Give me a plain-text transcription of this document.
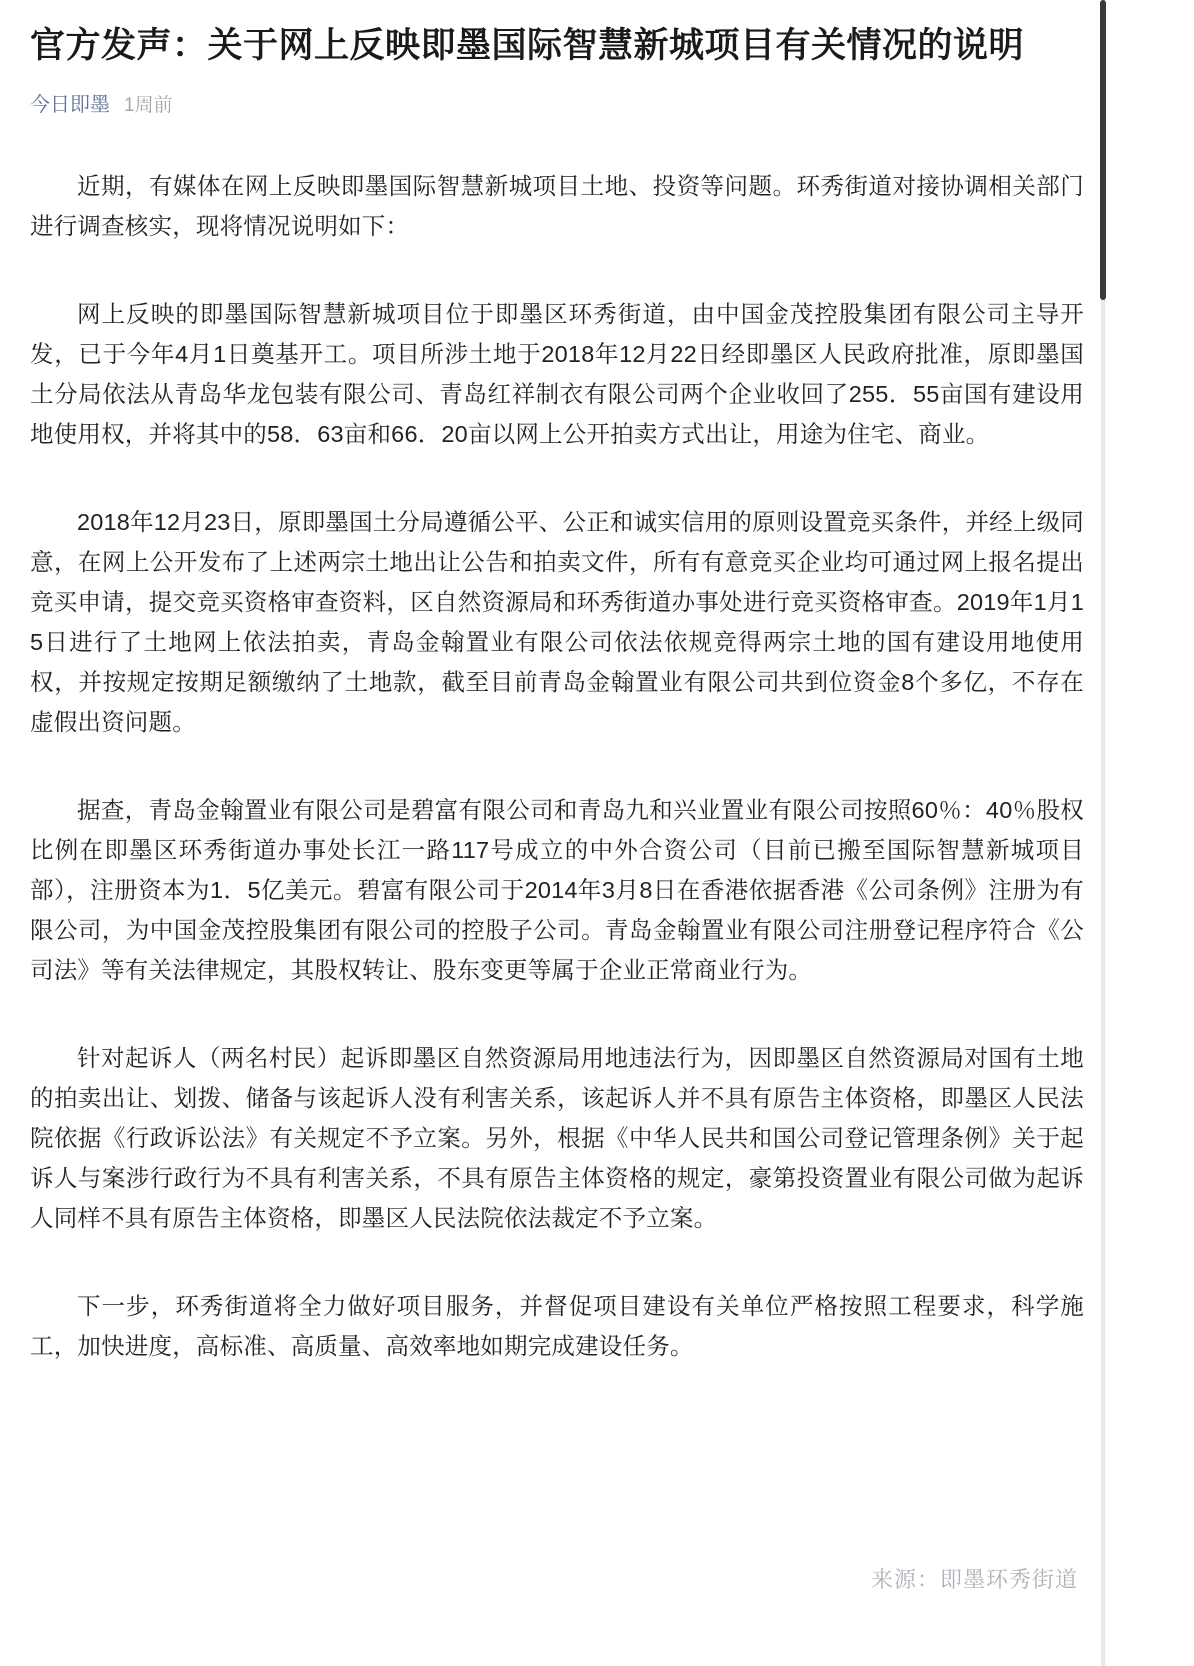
官方发声：关于网上反映即墨国际智慧新城项目有关情况的说明
今日即墨 1周前

近期，有媒体在网上反映即墨国际智慧新城项目土地、投资等问题。环秀街道对接协调相关部门进行调查核实，现将情况说明如下：

网上反映的即墨国际智慧新城项目位于即墨区环秀街道，由中国金茂控股集团有限公司主导开发，已于今年4月1日奠基开工。项目所涉土地于2018年12月22日经即墨区人民政府批准，原即墨国土分局依法从青岛华龙包装有限公司、青岛红祥制衣有限公司两个企业收回了255．55亩国有建设用地使用权，并将其中的58．63亩和66．20亩以网上公开拍卖方式出让，用途为住宅、商业。

2018年12月23日，原即墨国土分局遵循公平、公正和诚实信用的原则设置竞买条件，并经上级同意，在网上公开发布了上述两宗土地出让公告和拍卖文件，所有有意竞买企业均可通过网上报名提出竞买申请，提交竞买资格审查资料，区自然资源局和环秀街道办事处进行竞买资格审查。2019年1月15日进行了土地网上依法拍卖，青岛金翰置业有限公司依法依规竞得两宗土地的国有建设用地使用权，并按规定按期足额缴纳了土地款，截至目前青岛金翰置业有限公司共到位资金8个多亿，不存在虚假出资问题。

据查，青岛金翰置业有限公司是碧富有限公司和青岛九和兴业置业有限公司按照60％：40％股权比例在即墨区环秀街道办事处长江一路117号成立的中外合资公司（目前已搬至国际智慧新城项目部），注册资本为1．5亿美元。碧富有限公司于2014年3月8日在香港依据香港《公司条例》注册为有限公司，为中国金茂控股集团有限公司的控股子公司。青岛金翰置业有限公司注册登记程序符合《公司法》等有关法律规定，其股权转让、股东变更等属于企业正常商业行为。

针对起诉人（两名村民）起诉即墨区自然资源局用地违法行为，因即墨区自然资源局对国有土地的拍卖出让、划拨、储备与该起诉人没有利害关系，该起诉人并不具有原告主体资格，即墨区人民法院依据《行政诉讼法》有关规定不予立案。另外，根据《中华人民共和国公司登记管理条例》关于起诉人与案涉行政行为不具有利害关系，不具有原告主体资格的规定，豪第投资置业有限公司做为起诉人同样不具有原告主体资格，即墨区人民法院依法裁定不予立案。

下一步，环秀街道将全力做好项目服务，并督促项目建设有关单位严格按照工程要求，科学施工，加快进度，高标准、高质量、高效率地如期完成建设任务。

来源：即墨环秀街道
